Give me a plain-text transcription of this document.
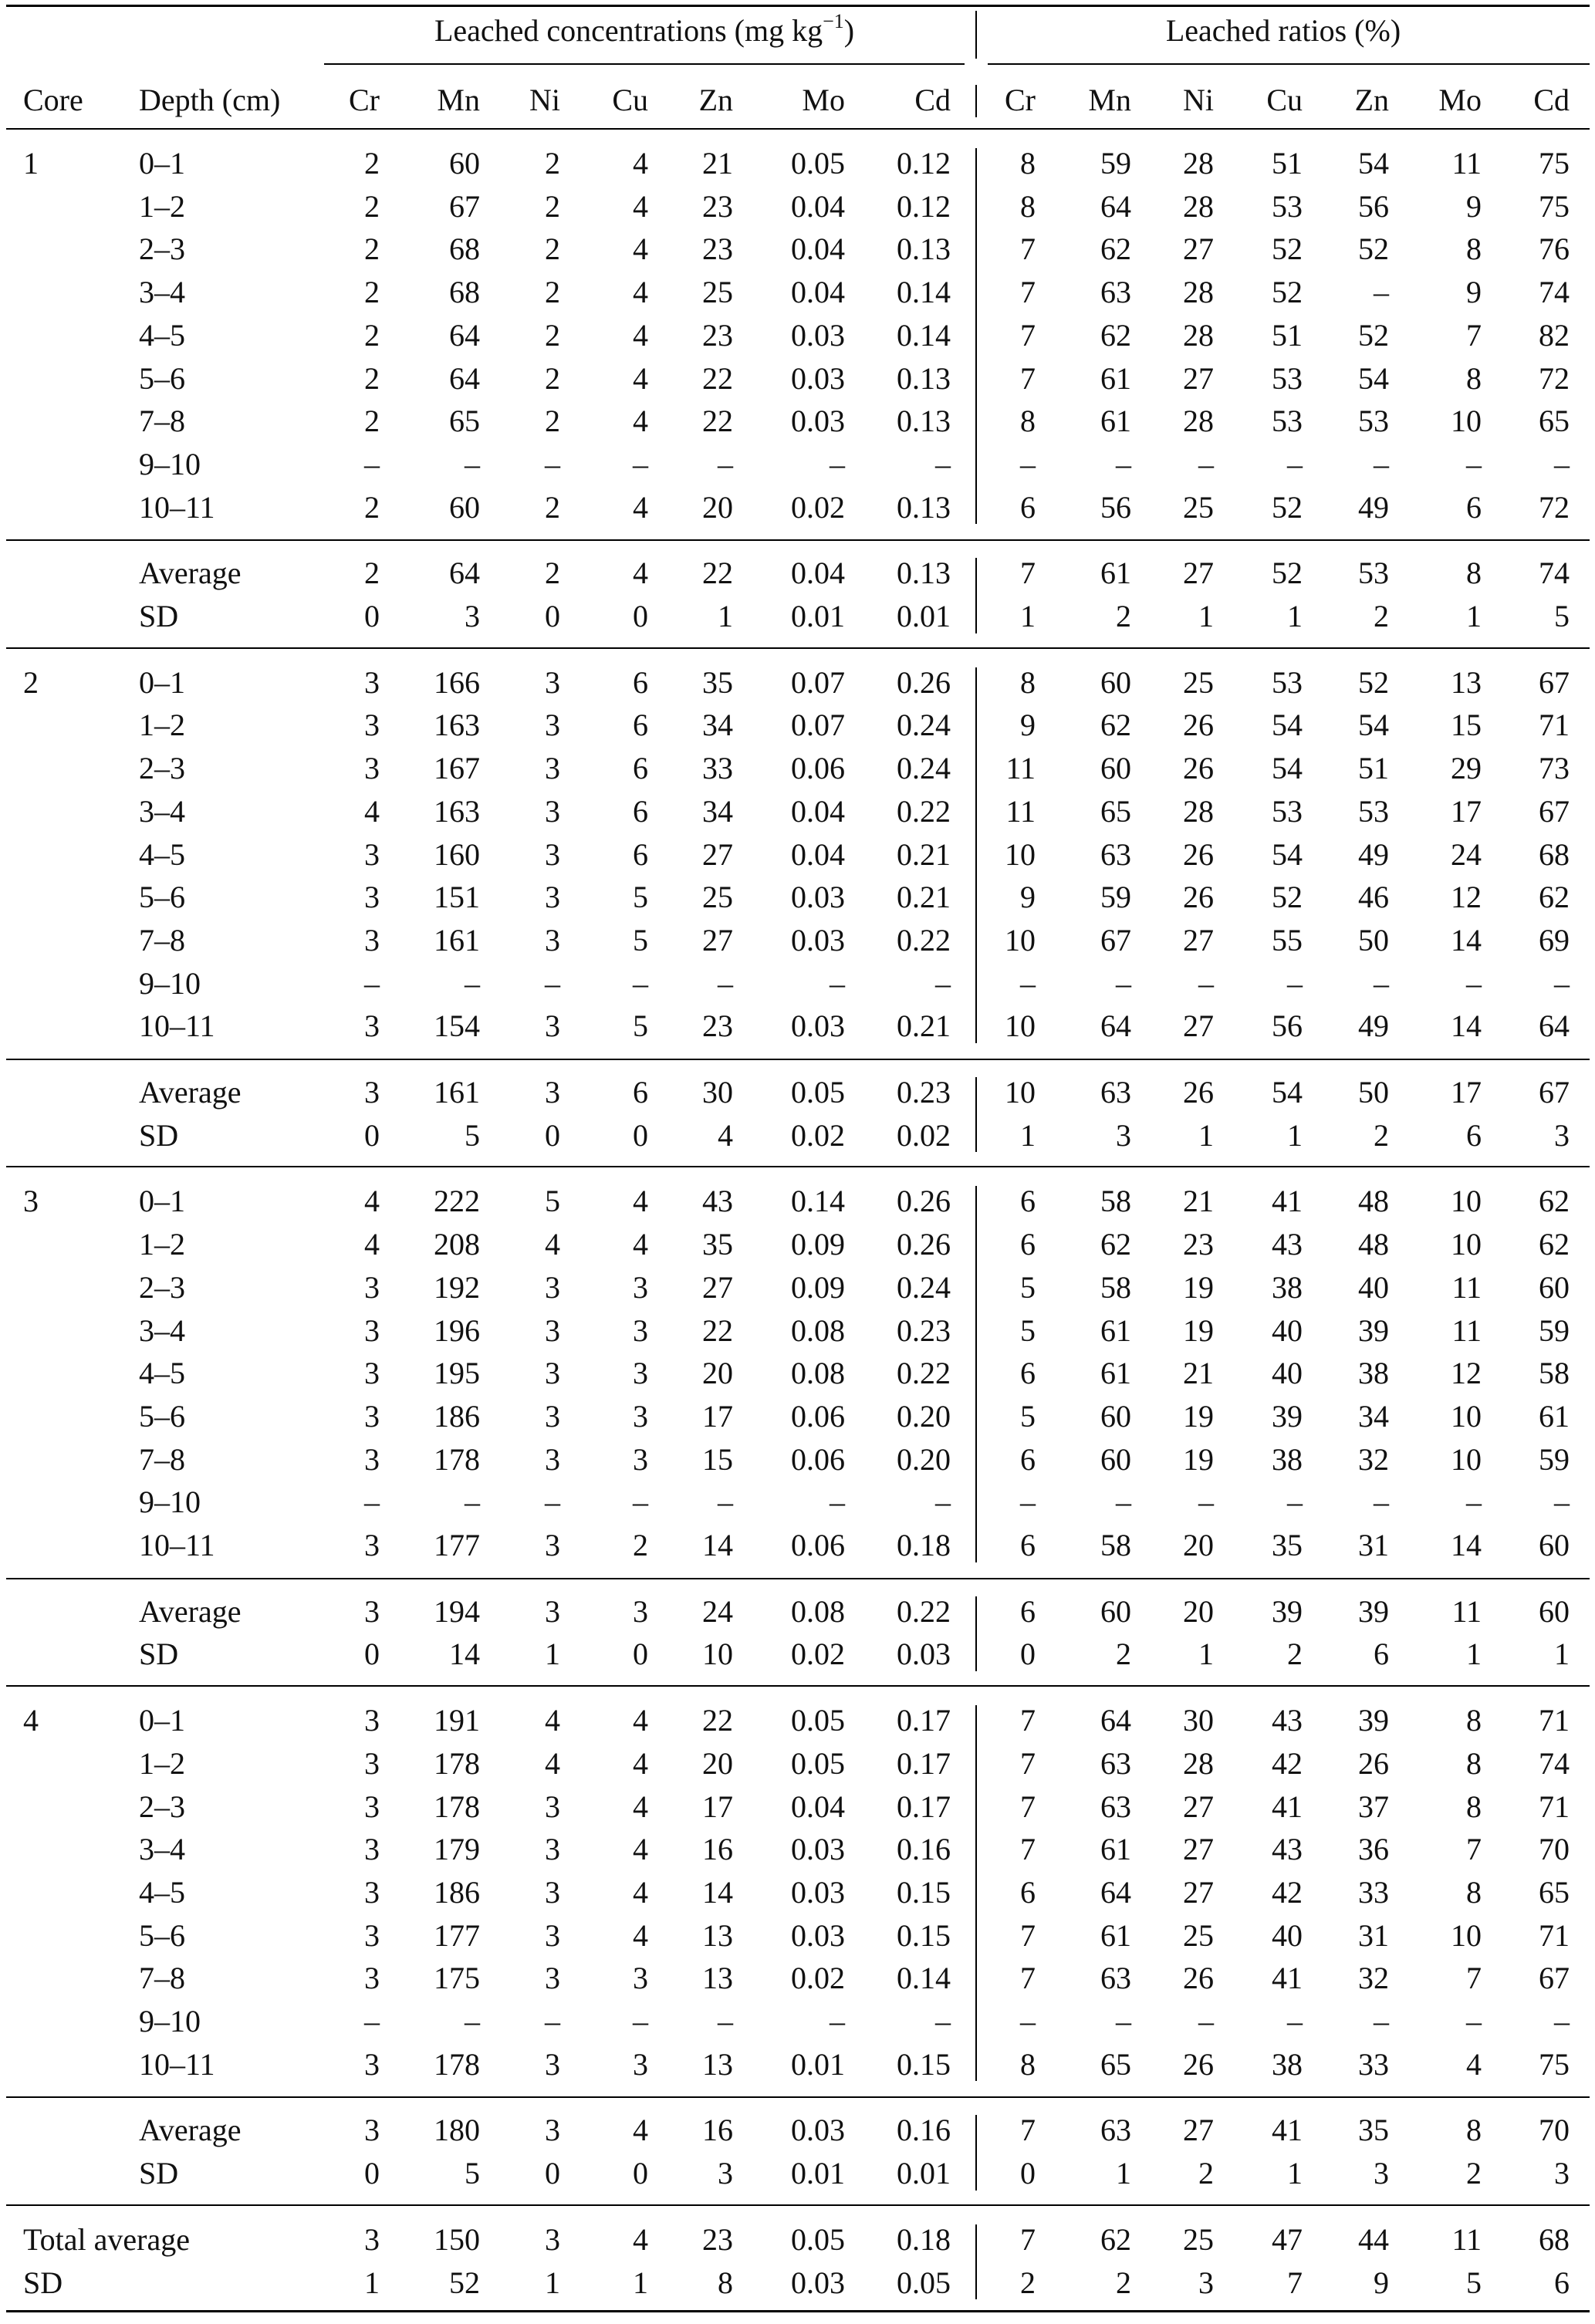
Leached concentrations (mg $kg^{-1}$)	Leached ratios (%)
Core	Depth (cm)	Cr	Mn	Ni	Cu	Zn	Mo	Cd	Cr	Mn	Ni	Cu	Zn	Mo	Cd
1	0–1	2	60	2	4	21	0.05	0.12	8	59	28	51	54	11	75
1–2	2	67	2	4	23	0.04	0.12	8	64	28	53	56	9	75
2–3	2	68	2	4	23	0.04	0.13	7	62	27	52	52	8	76
3–4	2	68	2	4	25	0.04	0.14	7	63	28	52	–	9	74
4–5	2	64	2	4	23	0.03	0.14	7	62	28	51	52	7	82
5–6	2	64	2	4	22	0.03	0.13	7	61	27	53	54	8	72
7–8	2	65	2	4	22	0.03	0.13	8	61	28	53	53	10	65
9–10	–	–	–	–	–	–	–	–	–	–	–	–	–	–
10–11	2	60	2	4	20	0.02	0.13	6	56	25	52	49	6	72
Average	2	64	2	4	22	0.04	0.13	7	61	27	52	53	8	74
SD	0	3	0	0	1	0.01	0.01	1	2	1	1	2	1	5
2	0–1	3	166	3	6	35	0.07	0.26	8	60	25	53	52	13	67
1–2	3	163	3	6	34	0.07	0.24	9	62	26	54	54	15	71
2–3	3	167	3	6	33	0.06	0.24	11	60	26	54	51	29	73
3–4	4	163	3	6	34	0.04	0.22	11	65	28	53	53	17	67
4–5	3	160	3	6	27	0.04	0.21	10	63	26	54	49	24	68
5–6	3	151	3	5	25	0.03	0.21	9	59	26	52	46	12	62
7–8	3	161	3	5	27	0.03	0.22	10	67	27	55	50	14	69
9–10	–	–	–	–	–	–	–	–	–	–	–	–	–	–
10–11	3	154	3	5	23	0.03	0.21	10	64	27	56	49	14	64
Average	3	161	3	6	30	0.05	0.23	10	63	26	54	50	17	67
SD	0	5	0	0	4	0.02	0.02	1	3	1	1	2	6	3
3	0–1	4	222	5	4	43	0.14	0.26	6	58	21	41	48	10	62
1–2	4	208	4	4	35	0.09	0.26	6	62	23	43	48	10	62
2–3	3	192	3	3	27	0.09	0.24	5	58	19	38	40	11	60
3–4	3	196	3	3	22	0.08	0.23	5	61	19	40	39	11	59
4–5	3	195	3	3	20	0.08	0.22	6	61	21	40	38	12	58
5–6	3	186	3	3	17	0.06	0.20	5	60	19	39	34	10	61
7–8	3	178	3	3	15	0.06	0.20	6	60	19	38	32	10	59
9–10	–	–	–	–	–	–	–	–	–	–	–	–	–	–
10–11	3	177	3	2	14	0.06	0.18	6	58	20	35	31	14	60
Average	3	194	3	3	24	0.08	0.22	6	60	20	39	39	11	60
SD	0	14	1	0	10	0.02	0.03	0	2	1	2	6	1	1
4	0–1	3	191	4	4	22	0.05	0.17	7	64	30	43	39	8	71
1–2	3	178	4	4	20	0.05	0.17	7	63	28	42	26	8	74
2–3	3	178	3	4	17	0.04	0.17	7	63	27	41	37	8	71
3–4	3	179	3	4	16	0.03	0.16	7	61	27	43	36	7	70
4–5	3	186	3	4	14	0.03	0.15	6	64	27	42	33	8	65
5–6	3	177	3	4	13	0.03	0.15	7	61	25	40	31	10	71
7–8	3	175	3	3	13	0.02	0.14	7	63	26	41	32	7	67
9–10	–	–	–	–	–	–	–	–	–	–	–	–	–	–
10–11	3	178	3	3	13	0.01	0.15	8	65	26	38	33	4	75
Average	3	180	3	4	16	0.03	0.16	7	63	27	41	35	8	70
SD	0	5	0	0	3	0.01	0.01	0	1	2	1	3	2	3
Total average	3	150	3	4	23	0.05	0.18	7	62	25	47	44	11	68
SD	1	52	1	1	8	0.03	0.05	2	2	3	7	9	5	6
